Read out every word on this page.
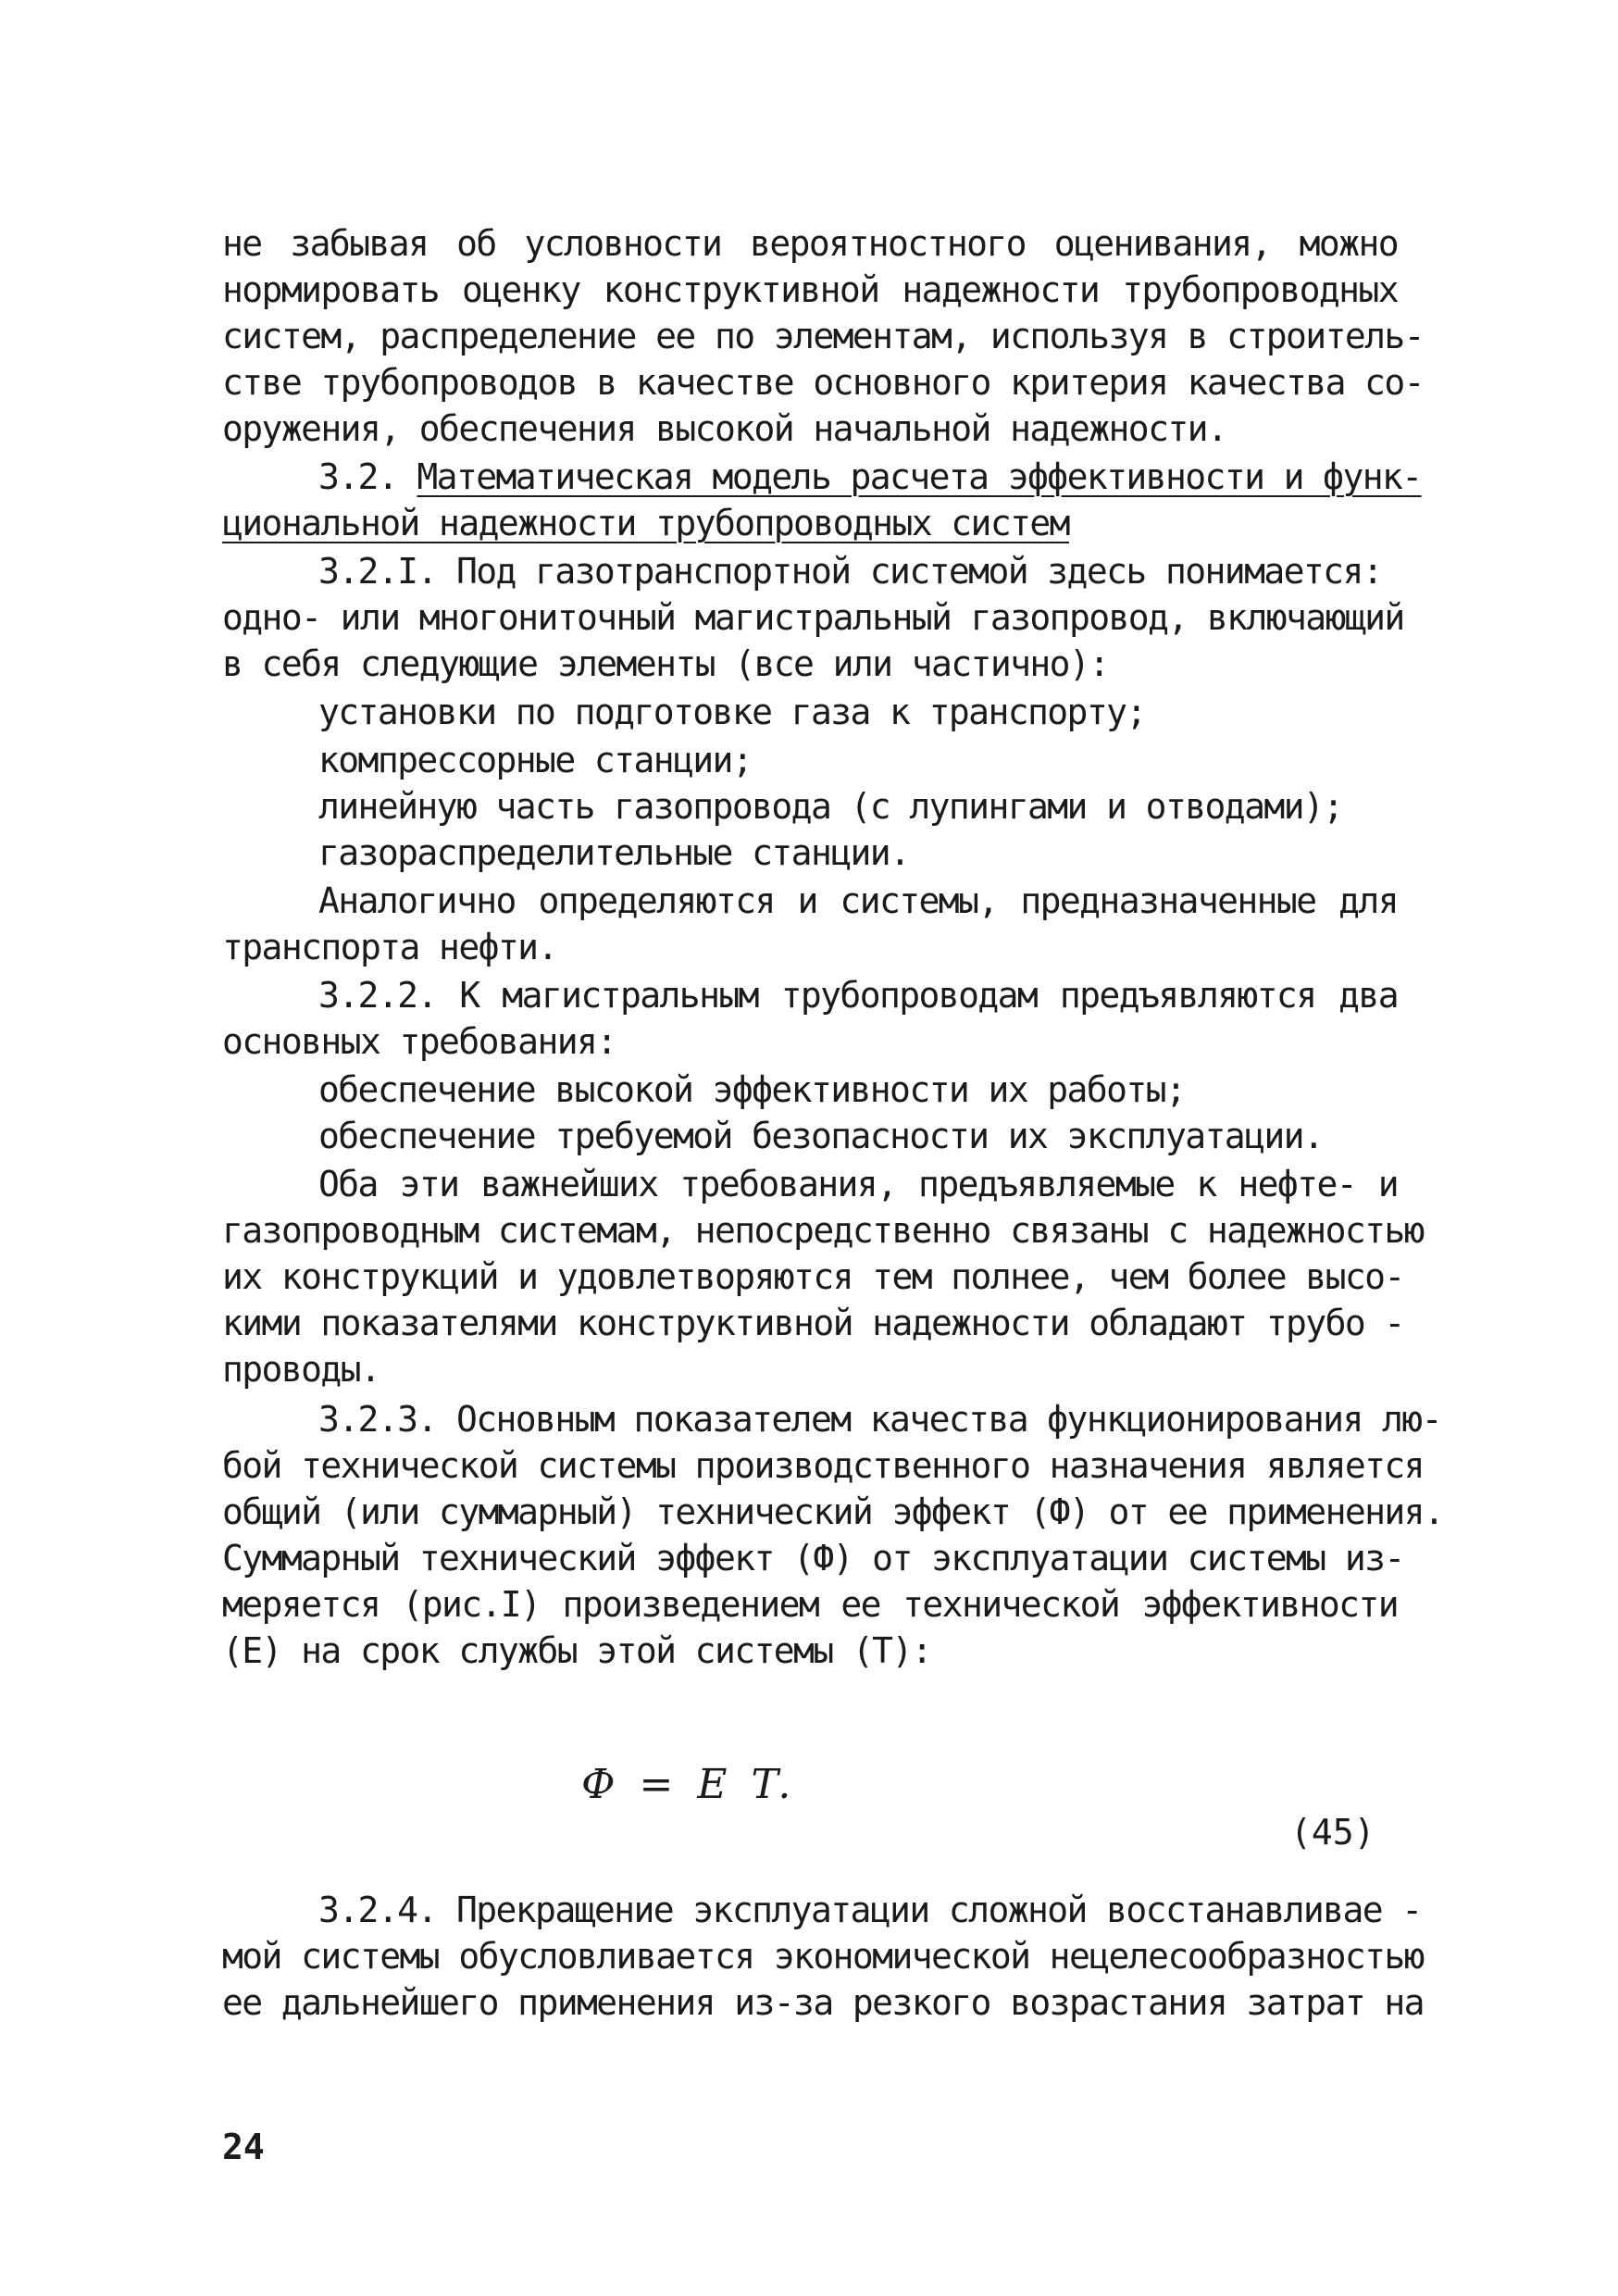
не забывая об условности вероятностного оценивания, можно
нормировать оценку конструктивной надежности трубопроводных
систем, распределение ее по элементам, используя в строитель-
стве трубопроводов в качестве основного критерия качества со-
оружения, обеспечения высокой начальной надежности.
3.2. Математическая модель расчета эффективности и функ-
циональной надежности трубопроводных систем
3.2.I. Под газотранспортной системой здесь понимается:
одно- или многониточный магистральный газопровод, включающий
в себя следующие элементы (все или частично):
установки по подготовке газа к транспорту;
компрессорные станции;
линейную часть газопровода (с лупингами и отводами);
газораспределительные станции.
Аналогично определяются и системы, предназначенные для
транспорта нефти.
3.2.2. К магистральным трубопроводам предъявляются два
основных требования:
обеспечение высокой эффективности их работы;
обеспечение требуемой безопасности их эксплуатации.
Оба эти важнейших требования, предъявляемые к нефте- и
газопроводным системам, непосредственно связаны с надежностью
их конструкций и удовлетворяются тем полнее, чем более высо-
кими показателями конструктивной надежности обладают трубо -
проводы.
3.2.3. Основным показателем качества функционирования лю-
бой технической системы производственного назначения является
общий (или суммарный) технический эффект (Ф) от ее применения.
Суммарный технический эффект (Ф) от эксплуатации системы из-
меряется (рис.I) произведением ее технической эффективности
(Е) на срок службы этой системы (T):
Ф = E T.
(45)
3.2.4. Прекращение эксплуатации сложной восстанавливае -
мой системы обусловливается экономической нецелесообразностью
ее дальнейшего применения из-за резкого возрастания затрат на
24
